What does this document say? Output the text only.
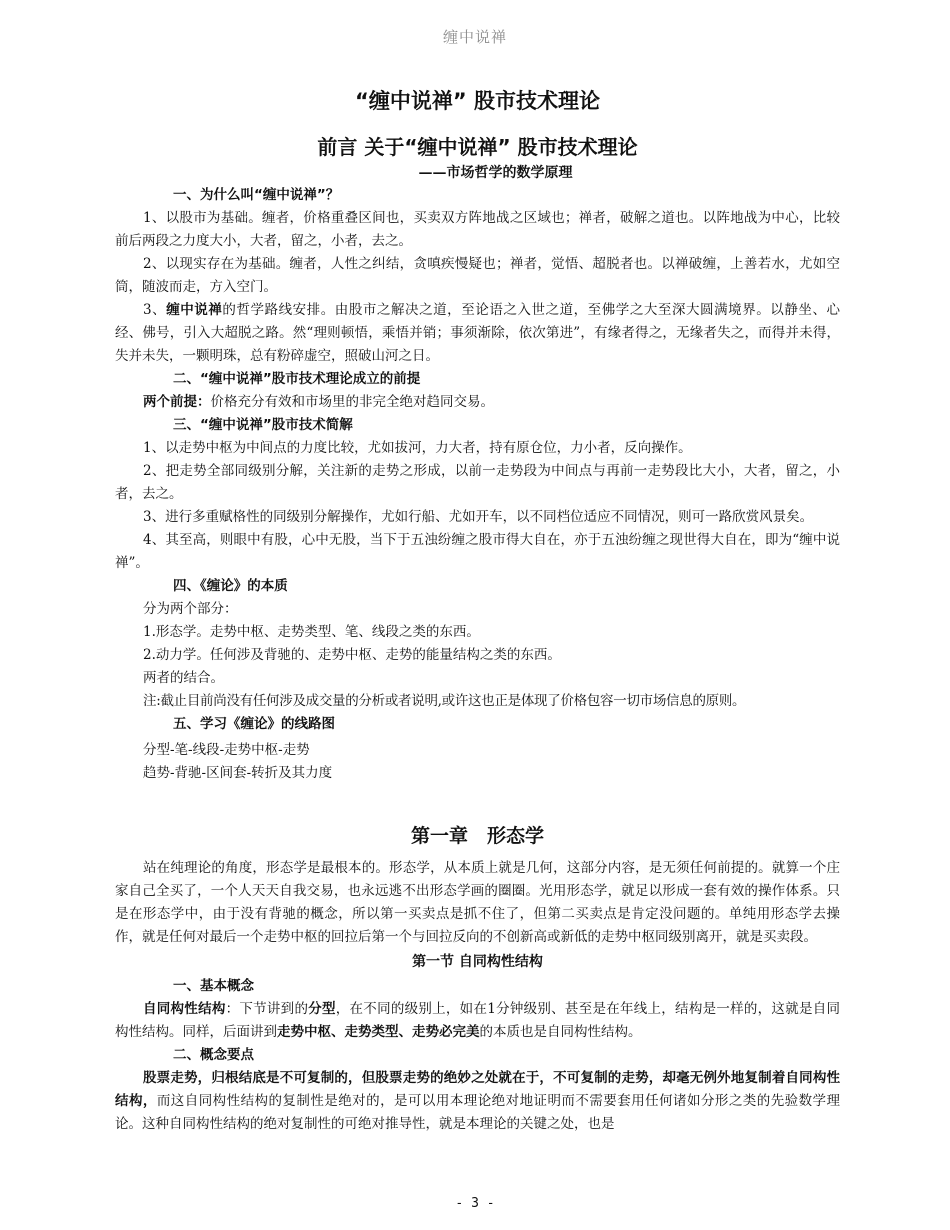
缠中说禅
“缠中说禅” 股市技术理论
前言 关于“缠中说禅” 股市技术理论
——市场哲学的数学原理
一、为什么叫“缠中说禅”？

1、以股市为基础。缠者，价格重叠区间也，买卖双方阵地战之区域也；禅者，破解之道也。以阵地战为中心，比较前后两段之力度大小，大者，留之，小者，去之。

2、以现实存在为基础。缠者，人性之纠结，贪嗔疾慢疑也；禅者，觉悟、超脱者也。以禅破缠，上善若水，尤如空筒，随波而走，方入空门。

3、缠中说禅的哲学路线安排。由股市之解决之道，至论语之入世之道，至佛学之大至深大圆满境界。以静坐、心经、佛号，引入大超脱之路。然“理则顿悟，乘悟并销；事须渐除，依次第进”，有缘者得之，无缘者失之，而得并未得，失并未失，一颗明珠，总有粉碎虚空，照破山河之日。

二、“缠中说禅”股市技术理论成立的前提
两个前提：价格充分有效和市场里的非完全绝对趋同交易。
三、“缠中说禅”股市技术简解

1、以走势中枢为中间点的力度比较，尤如拔河，力大者，持有原仓位，力小者，反向操作。

2、把走势全部同级别分解，关注新的走势之形成，以前一走势段为中间点与再前一走势段比大小，大者，留之，小者，去之。

3、进行多重赋格性的同级别分解操作，尤如行船、尤如开车，以不同档位适应不同情况，则可一路欣赏风景矣。

4、其至高，则眼中有股，心中无股，当下于五浊纷缠之股市得大自在，亦于五浊纷缠之现世得大自在，即为“缠中说禅”。

四、《缠论》的本质
分为两个部分：
1.形态学。走势中枢、走势类型、笔、线段之类的东西。
2.动力学。任何涉及背驰的、走势中枢、走势的能量结构之类的东西。
两者的结合。
注:截止目前尚没有任何涉及成交量的分析或者说明,或许这也正是体现了价格包容一切市场信息的原则。
五、学习《缠论》的线路图
分型-笔-线段-走势中枢-走势
趋势-背驰-区间套-转折及其力度
第一章　形态学

站在纯理论的角度，形态学是最根本的。形态学，从本质上就是几何，这部分内容，是无须任何前提的。就算一个庄家自己全买了，一个人天天自我交易，也永远逃不出形态学画的圈圈。光用形态学，就足以形成一套有效的操作体系。只是在形态学中，由于没有背驰的概念，所以第一买卖点是抓不住了，但第二买卖点是肯定没问题的。单纯用形态学去操作，就是任何对最后一个走势中枢的回拉后第一个与回拉反向的不创新高或新低的走势中枢同级别离开，就是买卖段。

第一节 自同构性结构
一、基本概念

自同构性结构：下节讲到的分型，在不同的级别上，如在1分钟级别、甚至是在年线上，结构是一样的，这就是自同构性结构。同样，后面讲到走势中枢、走势类型、走势必完美的本质也是自同构性结构。

二、概念要点

股票走势，归根结底是不可复制的，但股票走势的绝妙之处就在于，不可复制的走势，却毫无例外地复制着自同构性结构，而这自同构性结构的复制性是绝对的，是可以用本理论绝对地证明而不需要套用任何诸如分形之类的先验数学理论。这种自同构性结构的绝对复制性的可绝对推导性，就是本理论的关键之处，也是

- 3 -
